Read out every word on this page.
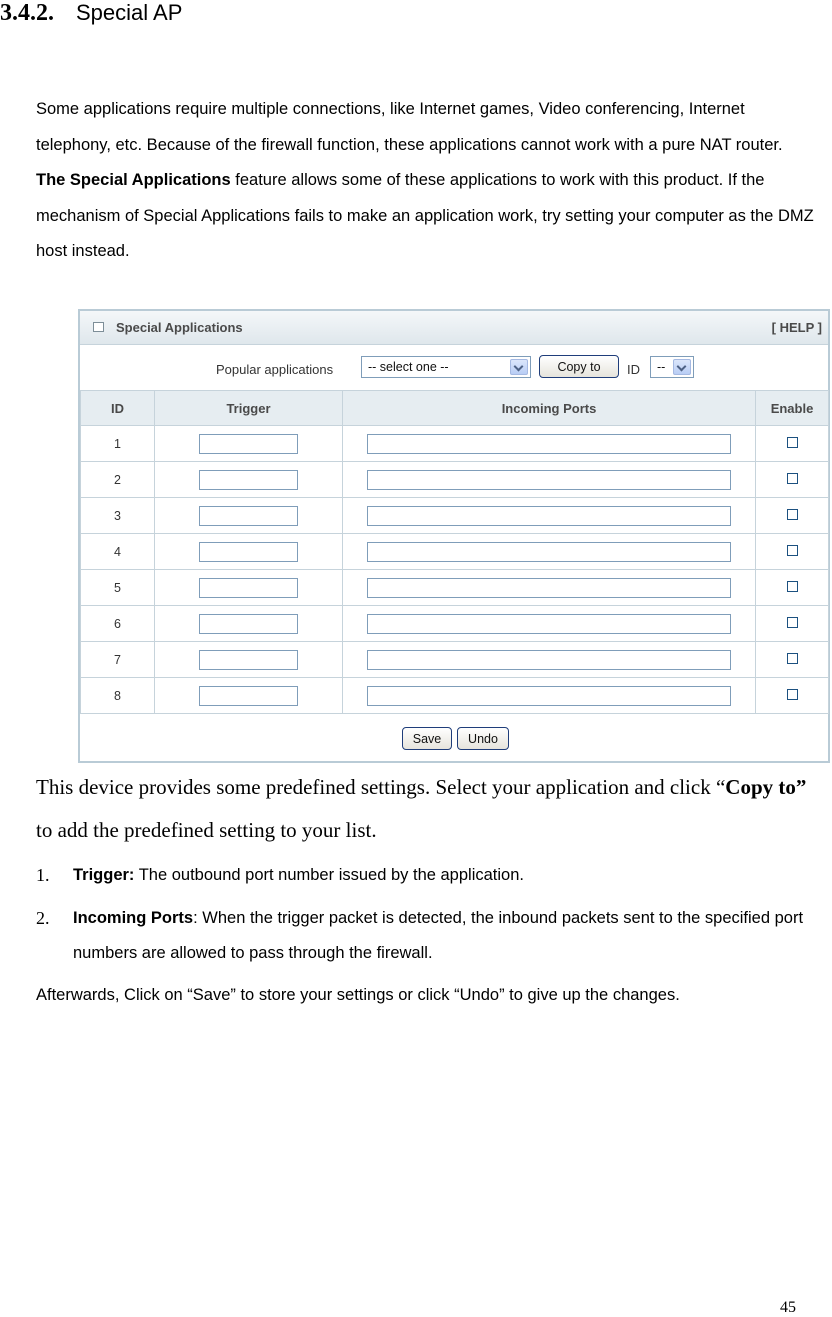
3.4.2. Special AP

Some applications require multiple connections, like Internet games, Video conferencing, Internet telephony, etc. Because of the firewall function, these applications cannot work with a pure NAT router. The Special Applications feature allows some of these applications to work with this product. If the mechanism of Special Applications fails to make an application work, try setting your computer as the DMZ host instead.

Special Applications	[ HELP ]
Popular applications	-- select one --	Copy to	ID --
ID	Trigger	Incoming Ports	Enable
1	

2	

3	

4	

5	

6	

7	

8	

Save	Undo

This device provides some predefined settings. Select your application and click “Copy to” to add the predefined setting to your list.

1. Trigger: The outbound port number issued by the application.
2. Incoming Ports: When the trigger packet is detected, the inbound packets sent to the specified port numbers are allowed to pass through the firewall.
Afterwards, Click on “Save” to store your settings or click “Undo” to give up the changes.
45
